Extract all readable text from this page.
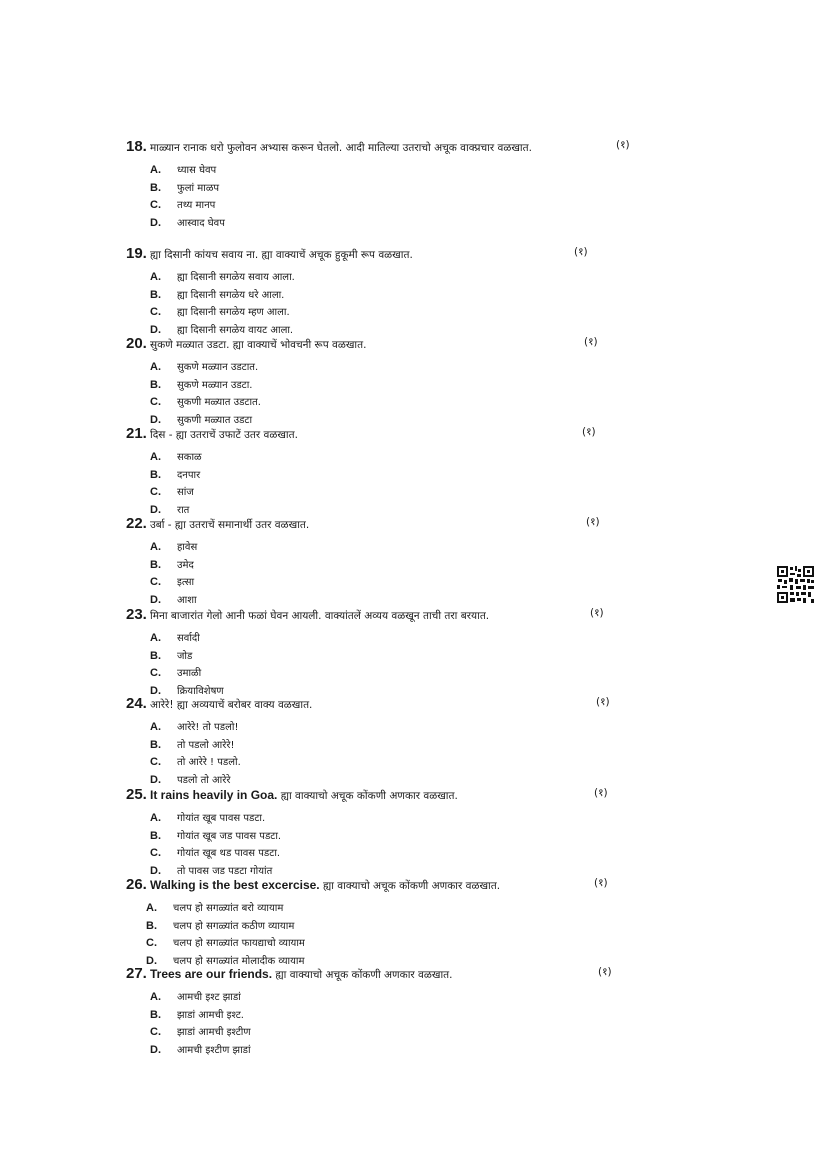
18. माळ्यान रानाक धरो फुलोवन अभ्यास करून घेतलो. आदी मातिल्या उतराचो अचूक वाक्प्रचार वळखात.	(१)
A. ध्यास घेवप
B. फुलां माळप
C. तथ्य मानप
D. आस्वाद घेवप
19. ह्या दिसानी कांयच सवाय ना. ह्या वाक्याचें अचूक हुकूमी रूप वळखात.	(१)
A. ह्या दिसानी सगळेय सवाय आला.
B. ह्या दिसानी सगळेय धरे आला.
C. ह्या दिसानी सगळेय म्हण आला.
D. ह्या दिसानी सगळेय वायट आला.
20. सुकणे मळ्यात उडटा. ह्या वाक्याचें भोवचनी रूप वळखात.	(१)
A. सुकणे मळ्यान उडटात.
B. सुकणे मळ्यान उडटा.
C. सुकणी मळ्यात उडटात.
D. सुकणी मळ्यात उडटा
21. दिस - ह्या उतराचें उफाटें उतर वळखात.	(१)
A. सकाळ
B. दनपार
C. सांज
D. रात
22. उर्बा - ह्या उतराचें समानार्थी उतर वळखात.	(१)
A. हावेस
B. उमेद
C. इत्सा
D. आशा
23. मिना बाजारांत गेलो आनी फळां घेवन आयली. वाक्यांतलें अव्यय वळखून ताची तरा बरयात.	(१)
A. सर्वादी
B. जोड
C. उमाळी
D. क्रियाविशेषण
24. आरेरे! ह्या अव्ययाचें बरोबर वाक्य वळखात.	(१)
A. आरेरे! तो पडलो!
B. तो पडलो आरेरे!
C. तो आरेरे ! पडलो.
D. पडलो तो आरेरे
25. It rains heavily in Goa. ह्या वाक्याचो अचूक कोंकणी अणकार वळखात.	(१)
A. गोयांत खूब पावस पडटा.
B. गोयांत खूब जड पावस पडटा.
C. गोयांत खूब थड पावस पडटा.
D. तो पावस जड पडटा गोयांत
26. Walking is the best excercise. ह्या वाक्याचो अचूक कोंकणी अणकार वळखात.	(१)
A. चलप हो सगळ्यांत बरो व्यायाम
B. चलप हो सगळ्यांत कठीण व्यायाम
C. चलप हो सगळ्यांत फायद्याचो व्यायाम
D. चलप हो सगळ्यांत मोलादीक व्यायाम
27. Trees are our friends. ह्या वाक्याचो अचूक कोंकणी अणकार वळखात.	(१)
A. आमची इश्ट झाडां
B. झाडां आमची इश्ट.
C. झाडां आमची इश्टीण
D. आमची इश्टीण झाडां
